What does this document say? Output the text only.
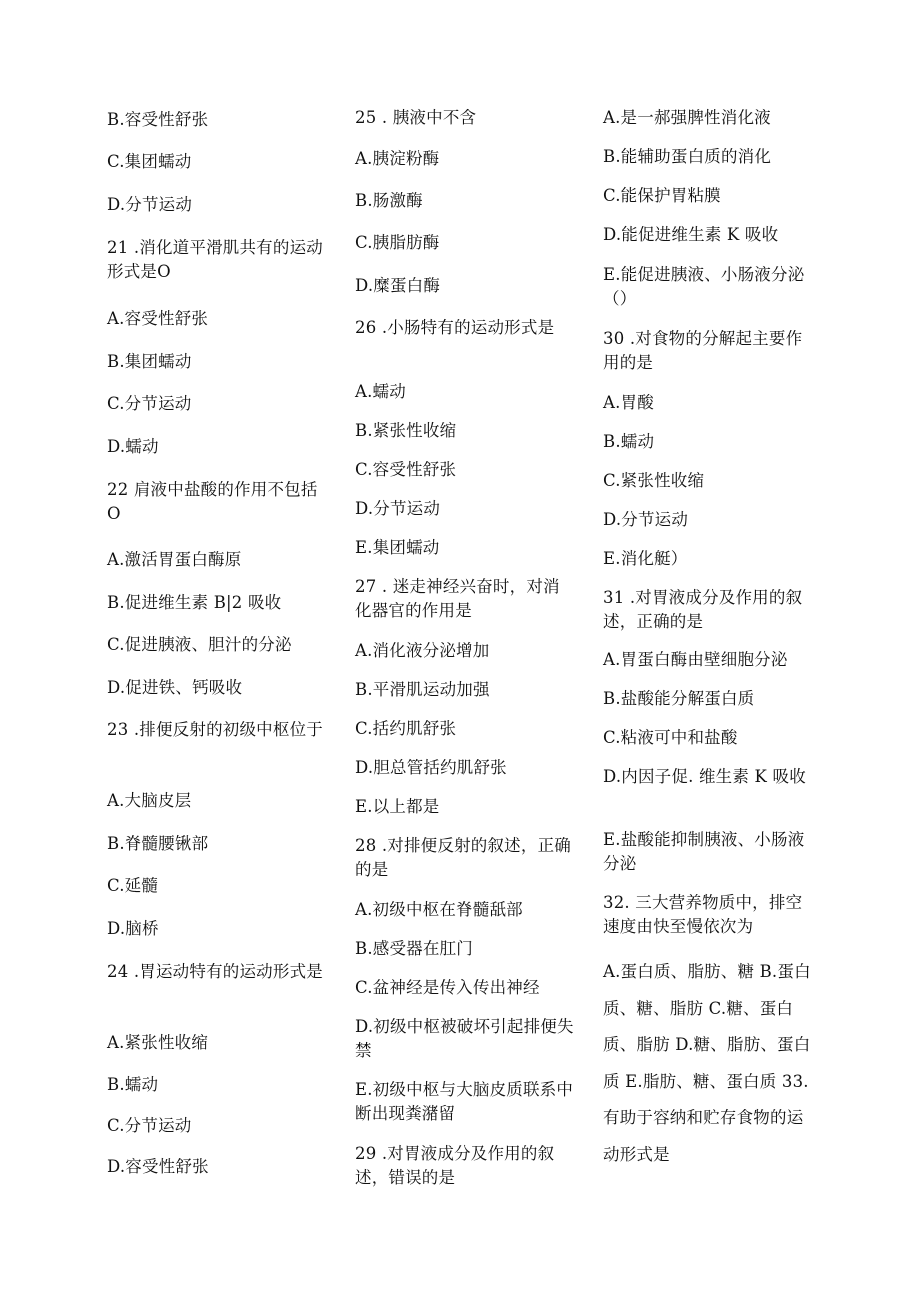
B.容受性舒张
C.集团蠕动
D.分节运动
21 .消化道平滑肌共有的运动形式是O
A.容受性舒张
B.集团蠕动
C.分节运动
D.蠕动
22 肩液中盐酸的作用不包括O
A.激活胃蛋白酶原
B.促进维生素 B|2 吸收
C.促进胰液、胆汁的分泌
D.促进铁、钙吸收
23 .排便反射的初级中枢位于
A.大脑皮层
B.脊髓腰锹部
C.延髓
D.脑桥
24 .胃运动特有的运动形式是
A.紧张性收缩
B.蠕动
C.分节运动
D.容受性舒张
25 . 胰液中不含
A.胰淀粉酶
B.肠激酶
C.胰脂肪酶
D.糜蛋白酶
26 .小肠特有的运动形式是
A.蠕动
B.紧张性收缩
C.容受性舒张
D.分节运动
E.集团蠕动
27 . 迷走神经兴奋时，对消化器官的作用是
A.消化液分泌增加
B.平滑肌运动加强
C.括约肌舒张
D.胆总管括约肌舒张
E.以上都是
28 .对排便反射的叙述，正确的是
A.初级中枢在脊髓舐部
B.感受器在肛门
C.盆神经是传入传出神经
D.初级中枢被破坏引起排便失禁
E.初级中枢与大脑皮质联系中断出现粪潴留
29 .对胃液成分及作用的叙述，错误的是
A.是一郝强脾性消化液
B.能辅助蛋白质的消化
C.能保护胃粘膜
D.能促进维生素 K 吸收
E.能促进胰液、小肠液分泌（）
30 .对食物的分解起主要作用的是
A.胃酸
B.蠕动
C.紧张性收缩
D.分节运动
E.消化艇）
31 .对胃液成分及作用的叙述，正确的是
A.胃蛋白酶由壁细胞分泌
B.盐酸能分解蛋白质
C.粘液可中和盐酸
D.内因子促. 维生素 K 吸收
E.盐酸能抑制胰液、小肠液分泌
32. 三大营养物质中，排空速度由快至慢依次为
A.蛋白质、脂肪、糖 B.蛋白质、糖、脂肪 C.糖、蛋白质、脂肪 D.糖、脂肪、蛋白质 E.脂肪、糖、蛋白质 33.有助于容纳和贮存食物的运动形式是
